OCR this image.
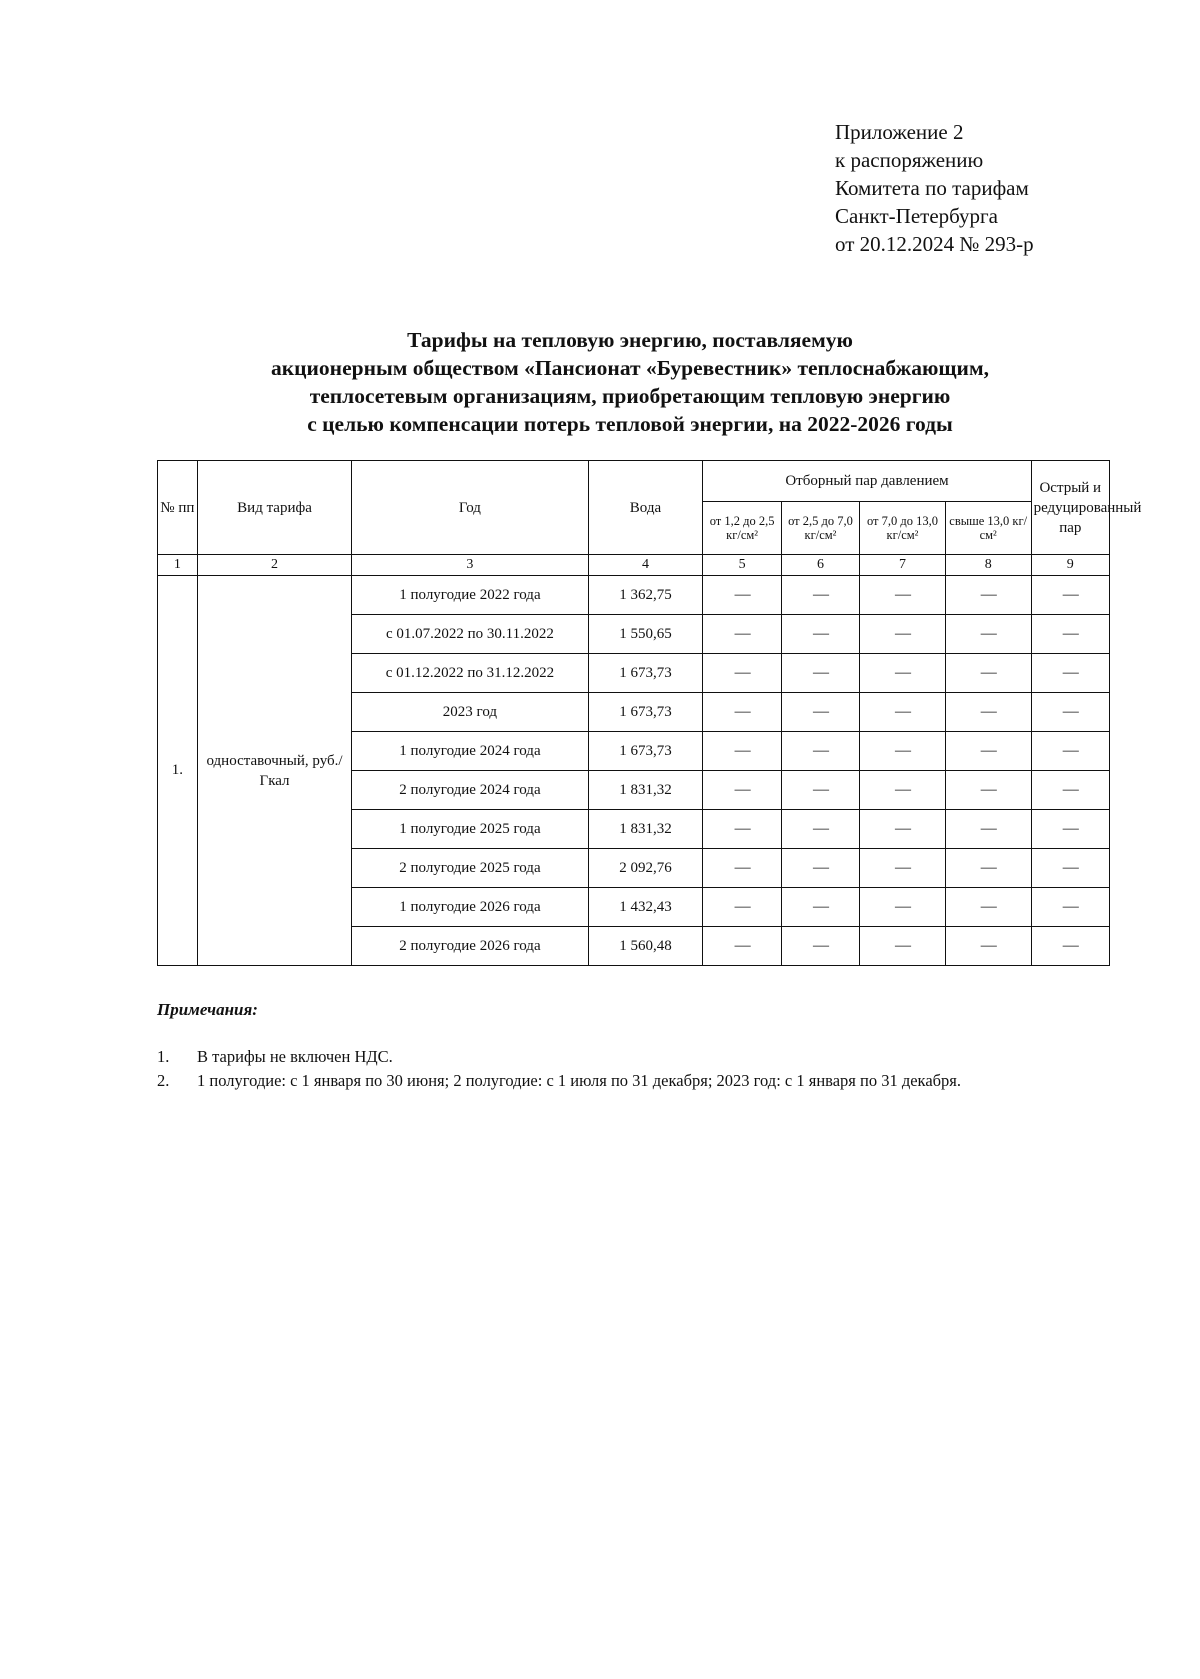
Приложение 2
к распоряжению
Комитета по тарифам
Санкт-Петербурга
от 20.12.2024 № 293-р
Тарифы на тепловую энергию, поставляемую
акционерным обществом «Пансионат «Буревестник» теплоснабжающим,
теплосетевым организациям, приобретающим тепловую энергию
с целью компенсации потерь тепловой энергии, на 2022-2026 годы
№ пп	Вид тарифа	Год	Вода	Отборный пар давлением				Острый и редуцированный пар
				от 1,2 до 2,5 кг/см²	от 2,5 до 7,0 кг/см²	от 7,0 до 13,0 кг/см²	свыше 13,0 кг/см²	
1	2	3	4	5	6	7	8	9
1.	одноставочный, руб./Гкал	1 полугодие 2022 года	1 362,75	—	—	—	—	—
		с 01.07.2022 по 30.11.2022	1 550,65	—	—	—	—	—
		с 01.12.2022 по 31.12.2022	1 673,73	—	—	—	—	—
		2023 год	1 673,73	—	—	—	—	—
		1 полугодие 2024 года	1 673,73	—	—	—	—	—
		2 полугодие 2024 года	1 831,32	—	—	—	—	—
		1 полугодие 2025 года	1 831,32	—	—	—	—	—
		2 полугодие 2025 года	2 092,76	—	—	—	—	—
		1 полугодие 2026 года	1 432,43	—	—	—	—	—
		2 полугодие 2026 года	1 560,48	—	—	—	—	—
Примечания:
1.	В тарифы не включен НДС.
2.	1 полугодие: с 1 января по 30 июня; 2 полугодие: с 1 июля по 31 декабря; 2023 год: с 1 января по 31 декабря.
